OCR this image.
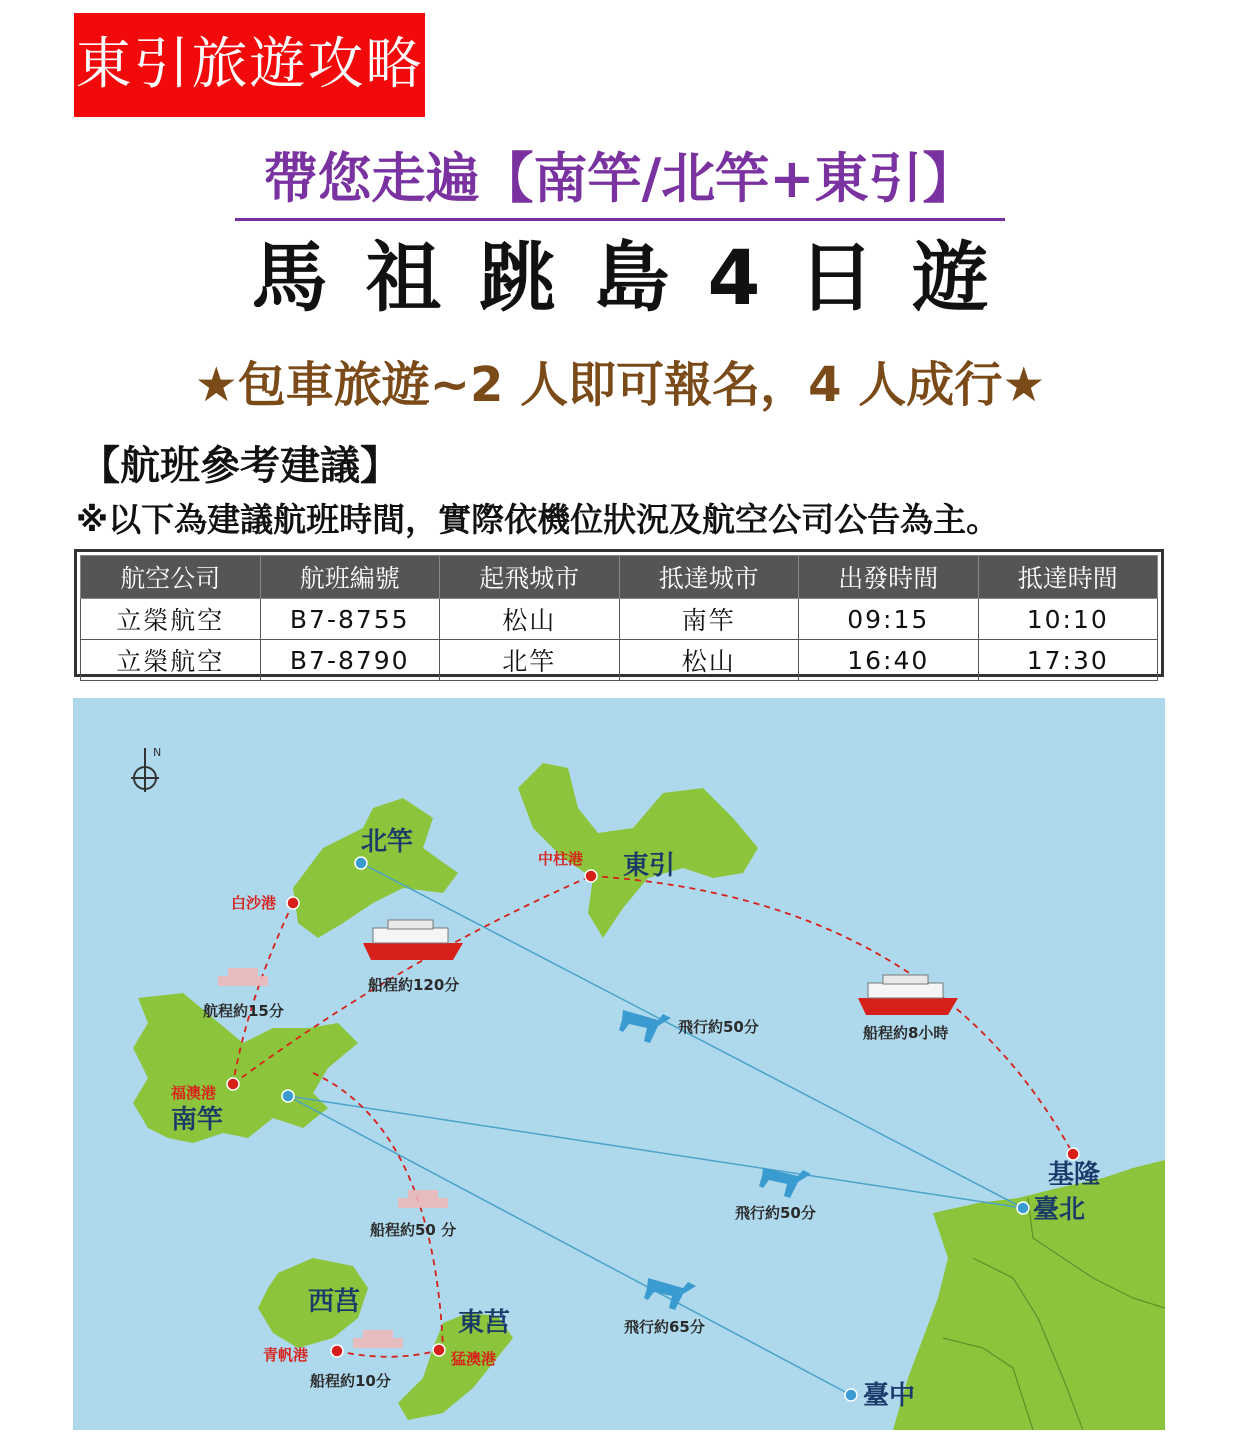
東引旅遊攻略
帶您走遍【南竿/北竿+東引】
馬祖跳島4日遊
★包車旅遊~2 人即可報名，4 人成行★
【航班參考建議】
※以下為建議航班時間，實際依機位狀況及航空公司公告為主。
航空公司	航班編號	起飛城市	抵達城市	出發時間	抵達時間
立榮航空	B7-8755	松山	南竿	09:15	10:10
立榮航空	B7-8790	北竿	松山	16:40	17:30
N
北竿
東引
南竿
西莒
東莒
基隆
臺北
臺中
白沙港
中柱港
福澳港
青帆港	猛澳港
航程約15分
船程約120分
船程約8小時
船程約50 分
船程約10分
飛行約50分
飛行約50分
飛行約65分
